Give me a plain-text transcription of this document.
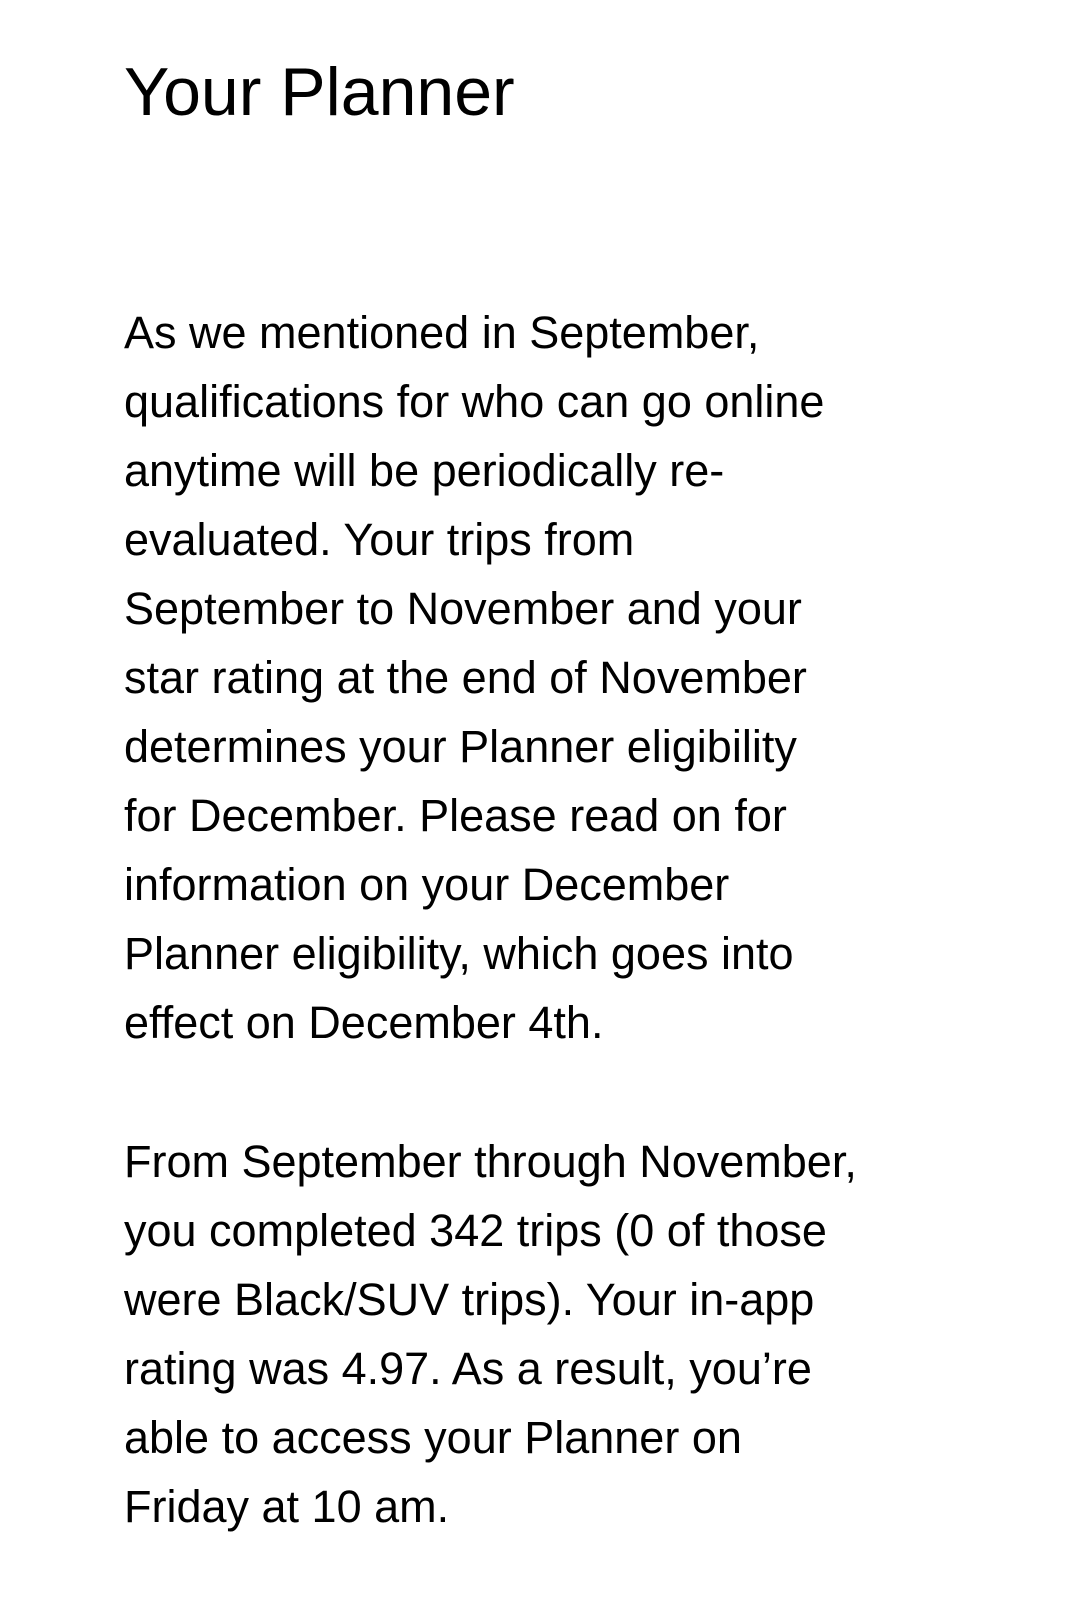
Your Planner

As we mentioned in September,
qualifications for who can go online
anytime will be periodically re-
evaluated. Your trips from
September to November and your
star rating at the end of November
determines your Planner eligibility
for December. Please read on for
information on your December
Planner eligibility, which goes into
effect on December 4th.

From September through November,
you completed 342 trips (0 of those
were Black/SUV trips). Your in-app
rating was 4.97. As a result, you’re
able to access your Planner on
Friday at 10 am.
